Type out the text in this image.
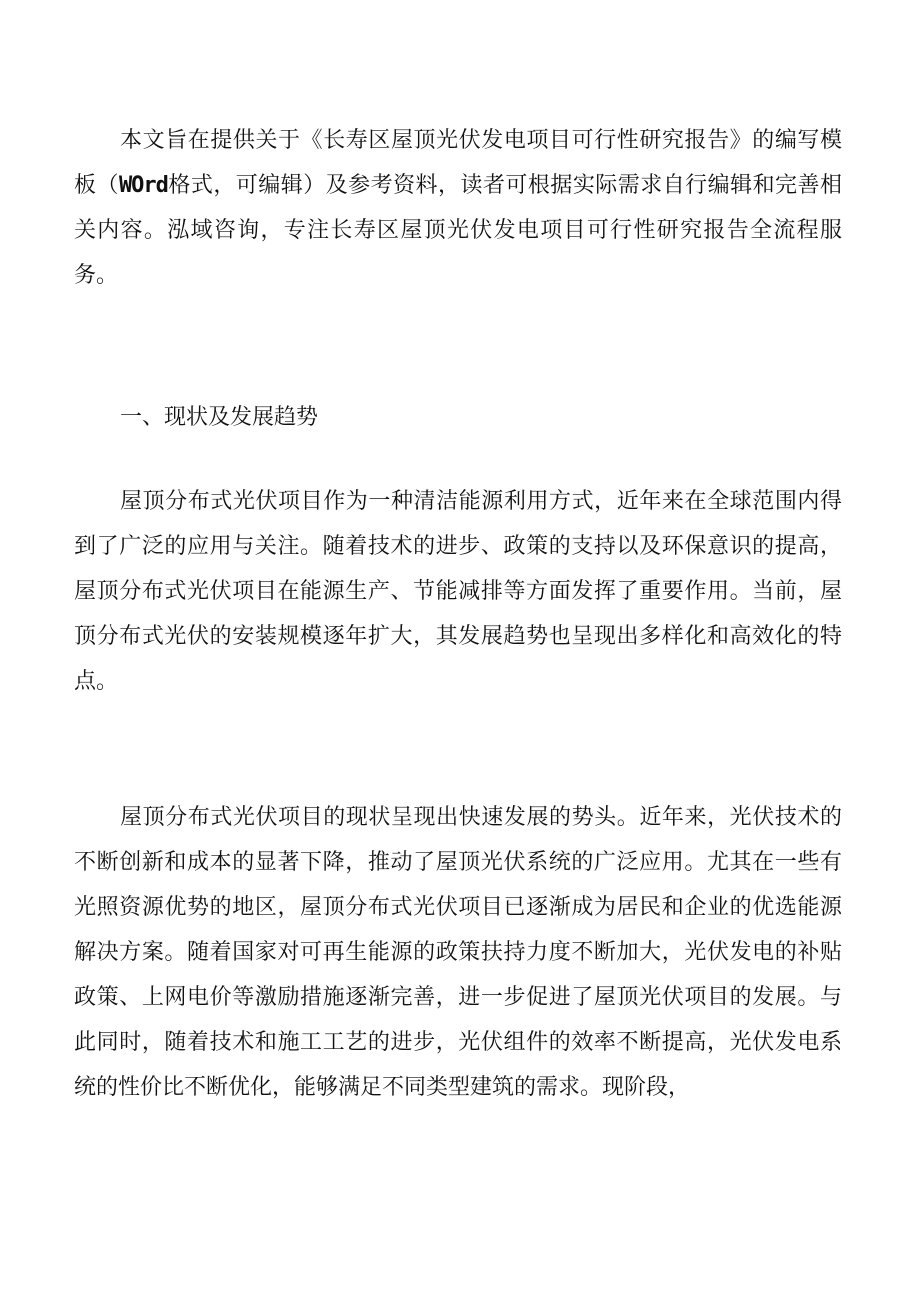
本文旨在提供关于《长寿区屋顶光伏发电项目可行性研究报告》的编写模板（WOrd格式，可编辑）及参考资料，读者可根据实际需求自行编辑和完善相关内容。泓域咨询，专注长寿区屋顶光伏发电项目可行性研究报告全流程服务。

一、现状及发展趋势

屋顶分布式光伏项目作为一种清洁能源利用方式，近年来在全球范围内得到了广泛的应用与关注。随着技术的进步、政策的支持以及环保意识的提高，屋顶分布式光伏项目在能源生产、节能减排等方面发挥了重要作用。当前，屋顶分布式光伏的安装规模逐年扩大，其发展趋势也呈现出多样化和高效化的特点。

屋顶分布式光伏项目的现状呈现出快速发展的势头。近年来，光伏技术的不断创新和成本的显著下降，推动了屋顶光伏系统的广泛应用。尤其在一些有光照资源优势的地区，屋顶分布式光伏项目已逐渐成为居民和企业的优选能源解决方案。随着国家对可再生能源的政策扶持力度不断加大，光伏发电的补贴政策、上网电价等激励措施逐渐完善，进一步促进了屋顶光伏项目的发展。与此同时，随着技术和施工工艺的进步，光伏组件的效率不断提高，光伏发电系统的性价比不断优化，能够满足不同类型建筑的需求。现阶段，
